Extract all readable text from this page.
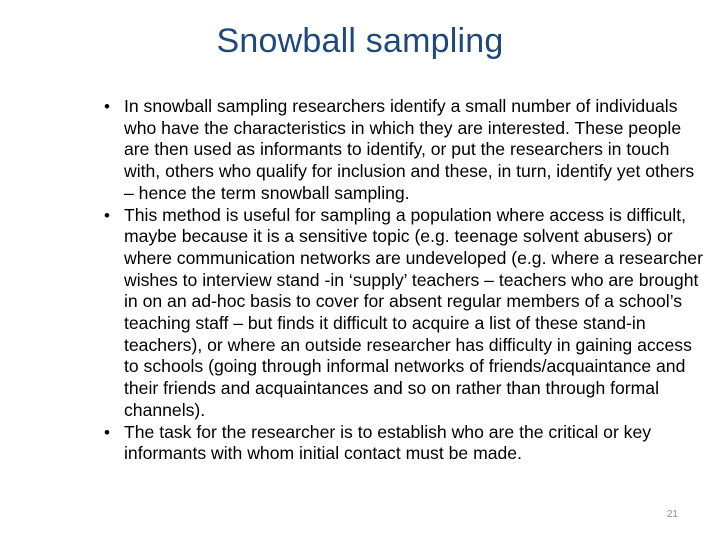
Snowball sampling
• In snowball sampling researchers identify a small number of individuals who have the characteristics in which they are interested. These people are then used as informants to identify, or put the researchers in touch with, others who qualify for inclusion and these, in turn, identify yet others – hence the term snowball sampling.
• This method is useful for sampling a population where access is difficult, maybe because it is a sensitive topic (e.g. teenage solvent abusers) or where communication networks are undeveloped (e.g. where a researcher wishes to interview stand -in ‘supply’ teachers – teachers who are brought in on an ad-hoc basis to cover for absent regular members of a school’s teaching staff – but finds it difficult to acquire a list of these stand-in teachers), or where an outside researcher has difficulty in gaining access to schools (going through informal networks of friends/acquaintance and their friends and acquaintances and so on rather than through formal channels).
• The task for the researcher is to establish who are the critical or key informants with whom initial contact must be made.
21
